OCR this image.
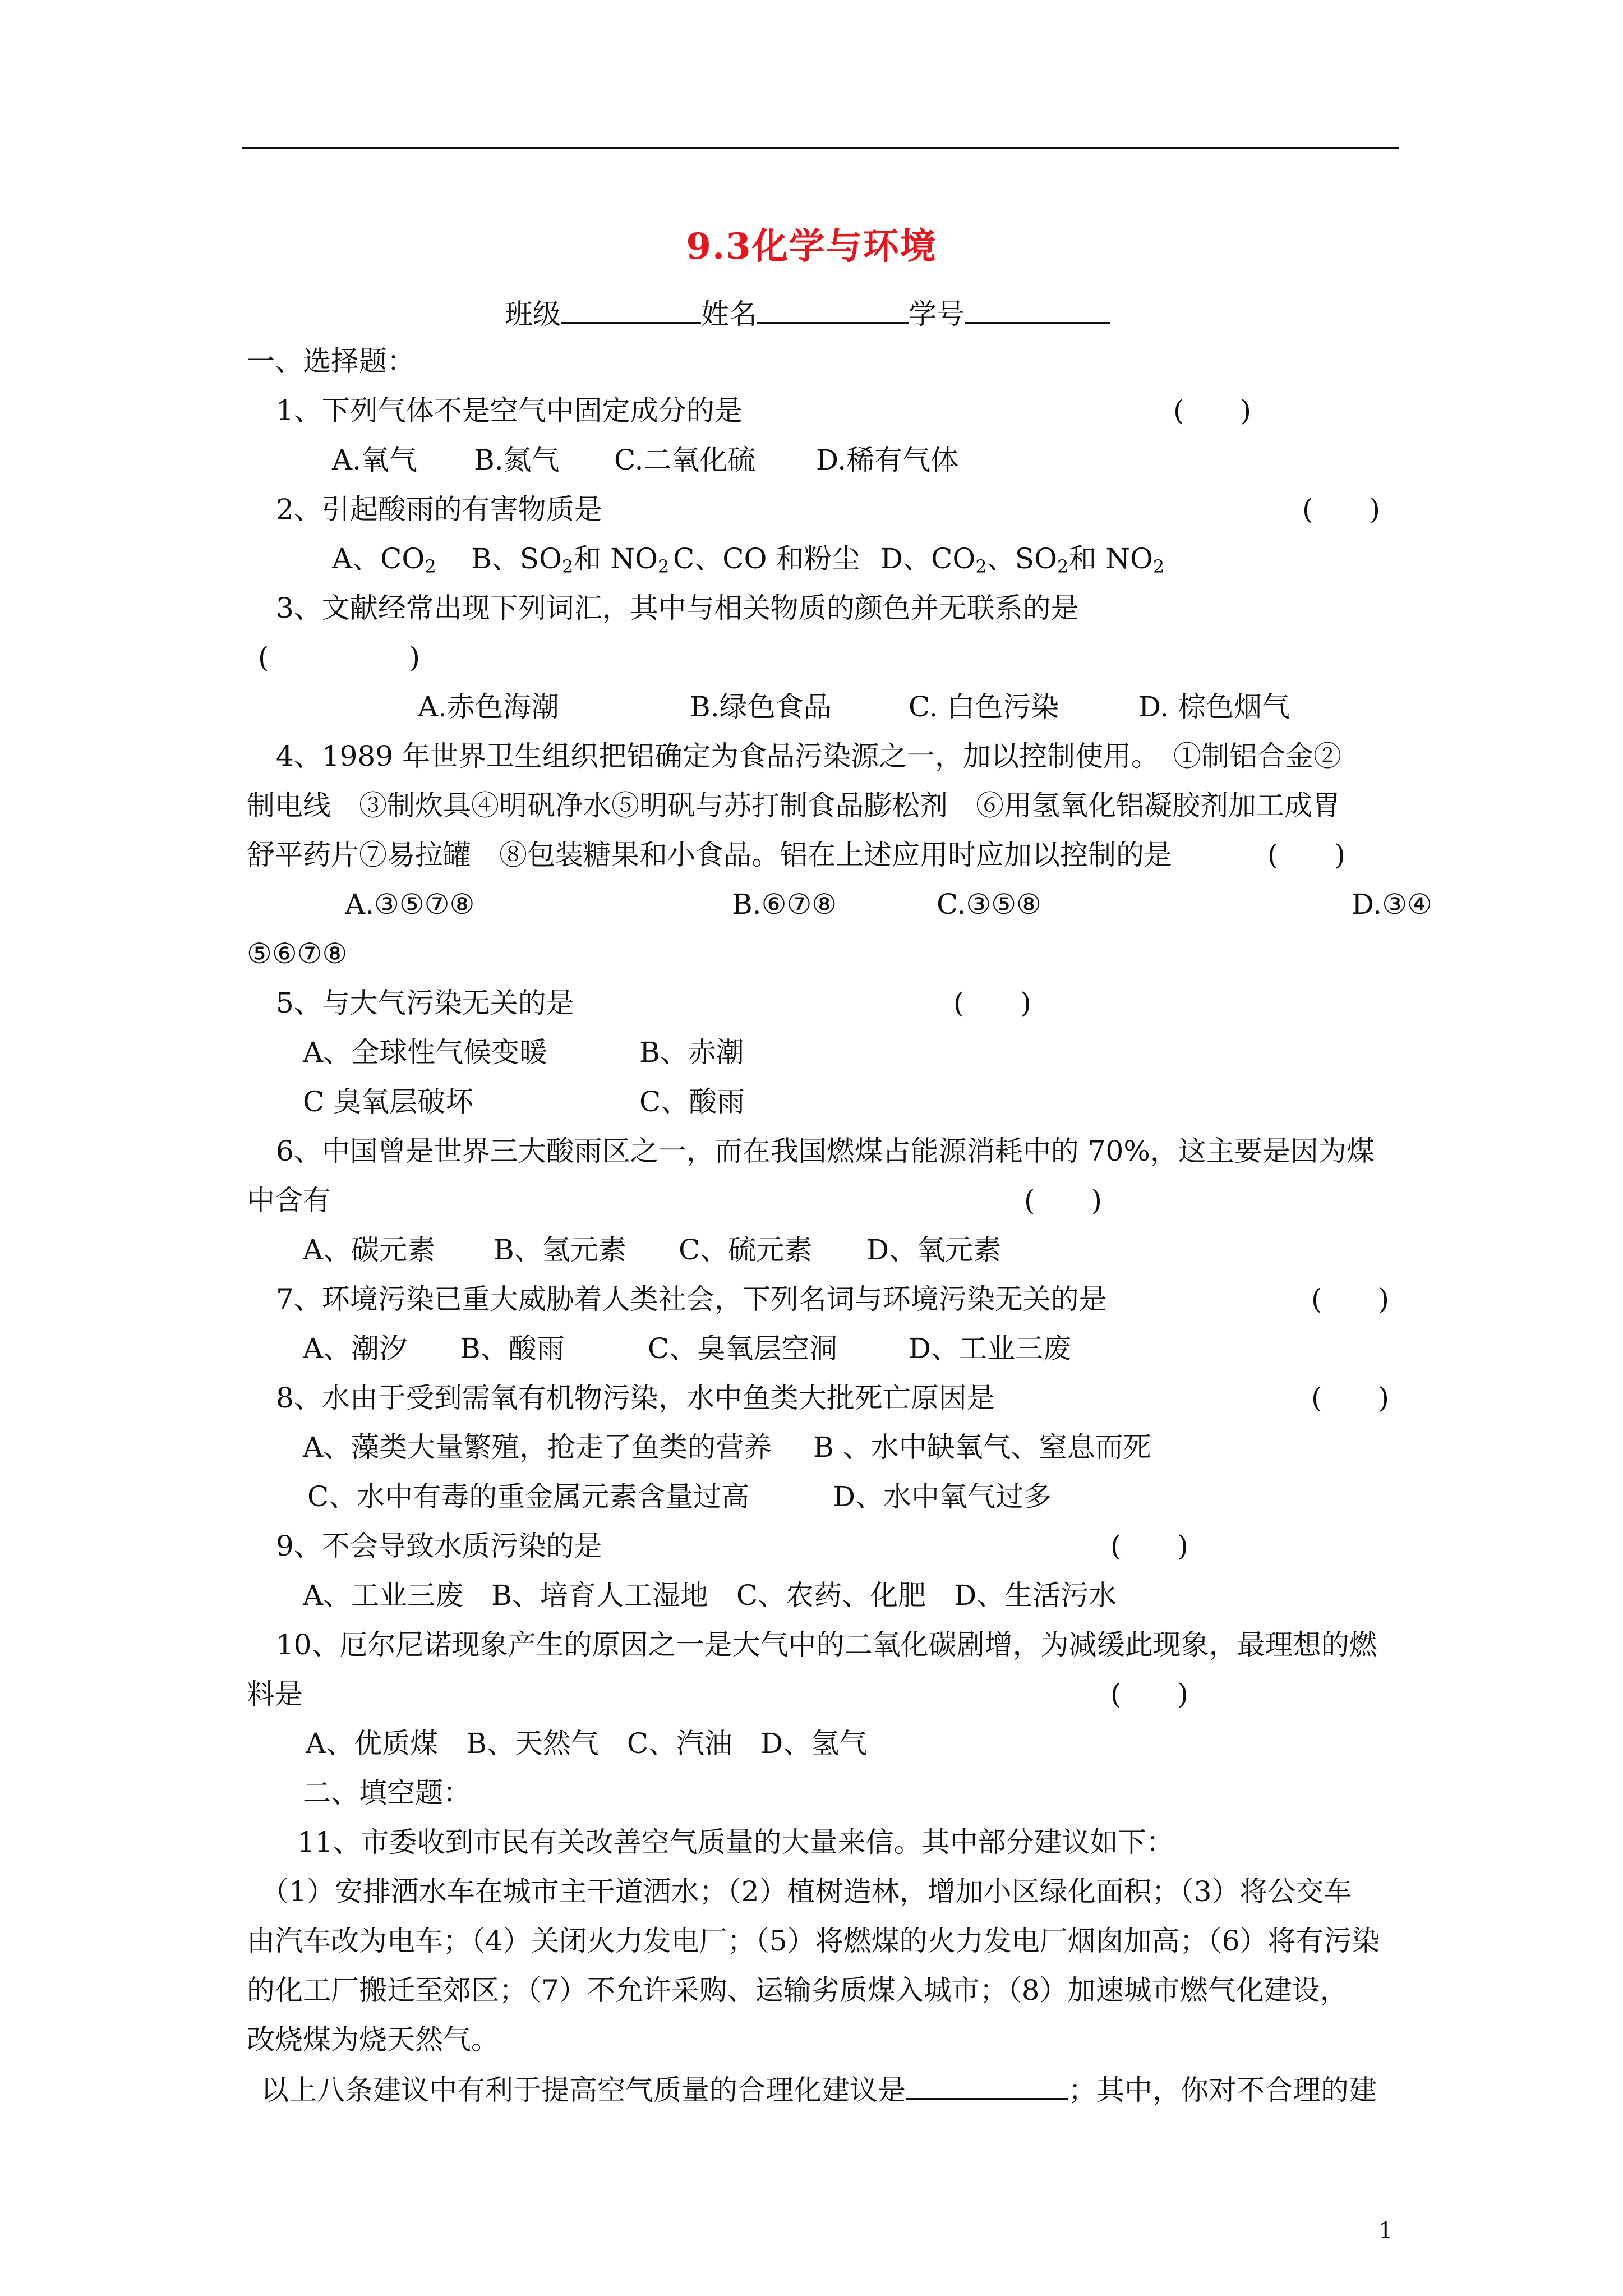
9.3化学与环境
班级	姓名	学号
一、选择题：
1、下列气体不是空气中固定成分的是	(　　)
A.氧气 B.氮气 C.二氧化硫 D.稀有气体
2、引起酸雨的有害物质是	(　　)
A、$CO_2$ B、$SO_2$和 $NO_2$ C、CO 和粉尘 D、$CO_2$、$SO_2$和 $NO_2$
3、文献经常出现下列词汇，其中与相关物质的颜色并无联系的是
(　　　　　)
A.赤色海潮	B.绿色食品	C. 白色污染	D. 棕色烟气
4、1989 年世界卫生组织把铝确定为食品污染源之一，加以控制使用。　①制铝合金②
制电线　③制炊具④明矾净水⑤明矾与苏打制食品膨松剂　⑥用氢氧化铝凝胶剂加工成胃
舒平药片⑦易拉罐　⑧包装糖果和小食品。铝在上述应用时应加以控制的是	(　　)
A.③⑤⑦⑧	B.⑥⑦⑧	C.③⑤⑧	D.③④
⑤⑥⑦⑧
5、与大气污染无关的是	(　　)
A、全球性气候变暖	B、赤潮
C 臭氧层破坏	C、酸雨
6、中国曾是世界三大酸雨区之一，而在我国燃煤占能源消耗中的 70%，这主要是因为煤
中含有	(　　)
A、碳元素 B、氢元素 C、硫元素 D、氧元素
7、环境污染已重大威胁着人类社会，下列名词与环境污染无关的是	(　　)
A、潮汐 B、酸雨	C、臭氧层空洞	D、工业三废
8、水由于受到需氧有机物污染，水中鱼类大批死亡原因是	(　　)
A、藻类大量繁殖，抢走了鱼类的营养 B 、水中缺氧气、窒息而死
C、水中有毒的重金属元素含量过高	D、水中氧气过多
9、不会导致水质污染的是	(　　)
A、工业三废　B、培育人工湿地　C、农药、化肥　D、生活污水
10、厄尔尼诺现象产生的原因之一是大气中的二氧化碳剧增，为减缓此现象，最理想的燃
料是	(　　)
A、优质煤　B、天然气　C、汽油　D、氢气
二、填空题：
11、市委收到市民有关改善空气质量的大量来信。其中部分建议如下：
（1）安排洒水车在城市主干道洒水；（2）植树造林，增加小区绿化面积；（3）将公交车
由汽车改为电车；（4）关闭火力发电厂；（5）将燃煤的火力发电厂烟囱加高；（6）将有污染
的化工厂搬迁至郊区；（7）不允许采购、运输劣质煤入城市；（8）加速城市燃气化建设，
改烧煤为烧天然气。
以上八条建议中有利于提高空气质量的合理化建议是	；其中，你对不合理的建
1
